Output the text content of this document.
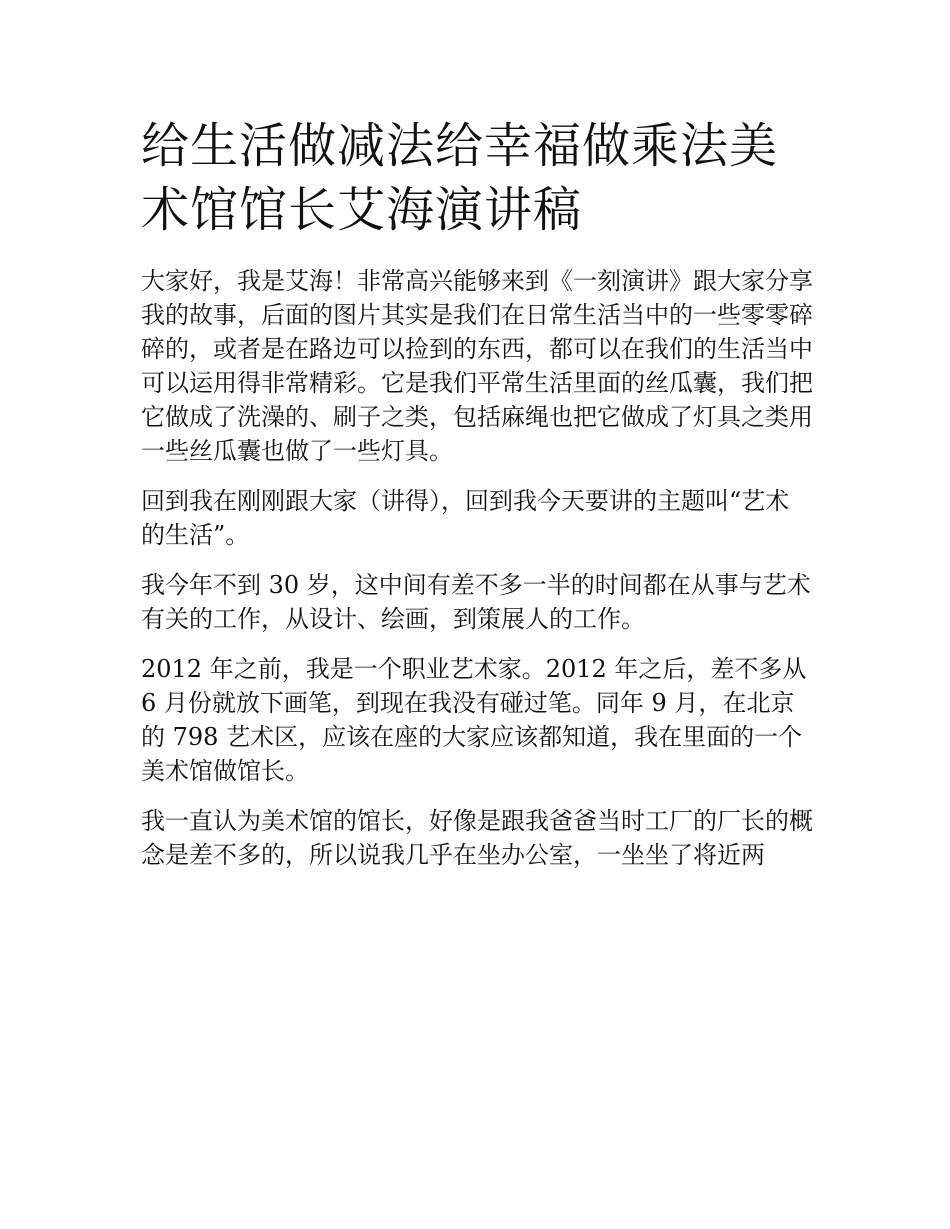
给生活做减法给幸福做乘法美术馆馆长艾海演讲稿

大家好，我是艾海！非常高兴能够来到《一刻演讲》跟大家分享我的故事，后面的图片其实是我们在日常生活当中的一些零零碎碎的，或者是在路边可以捡到的东西，都可以在我们的生活当中可以运用得非常精彩。它是我们平常生活里面的丝瓜囊，我们把它做成了洗澡的、刷子之类，包括麻绳也把它做成了灯具之类用一些丝瓜囊也做了一些灯具。

回到我在刚刚跟大家（讲得），回到我今天要讲的主题叫“艺术的生活”。

我今年不到 30 岁，这中间有差不多一半的时间都在从事与艺术有关的工作，从设计、绘画，到策展人的工作。

2012 年之前，我是一个职业艺术家。2012 年之后，差不多从 6 月份就放下画笔，到现在我没有碰过笔。同年 9 月，在北京的 798 艺术区，应该在座的大家应该都知道，我在里面的一个美术馆做馆长。

我一直认为美术馆的馆长，好像是跟我爸爸当时工厂的厂长的概念是差不多的，所以说我几乎在坐办公室，一坐坐了将近两
